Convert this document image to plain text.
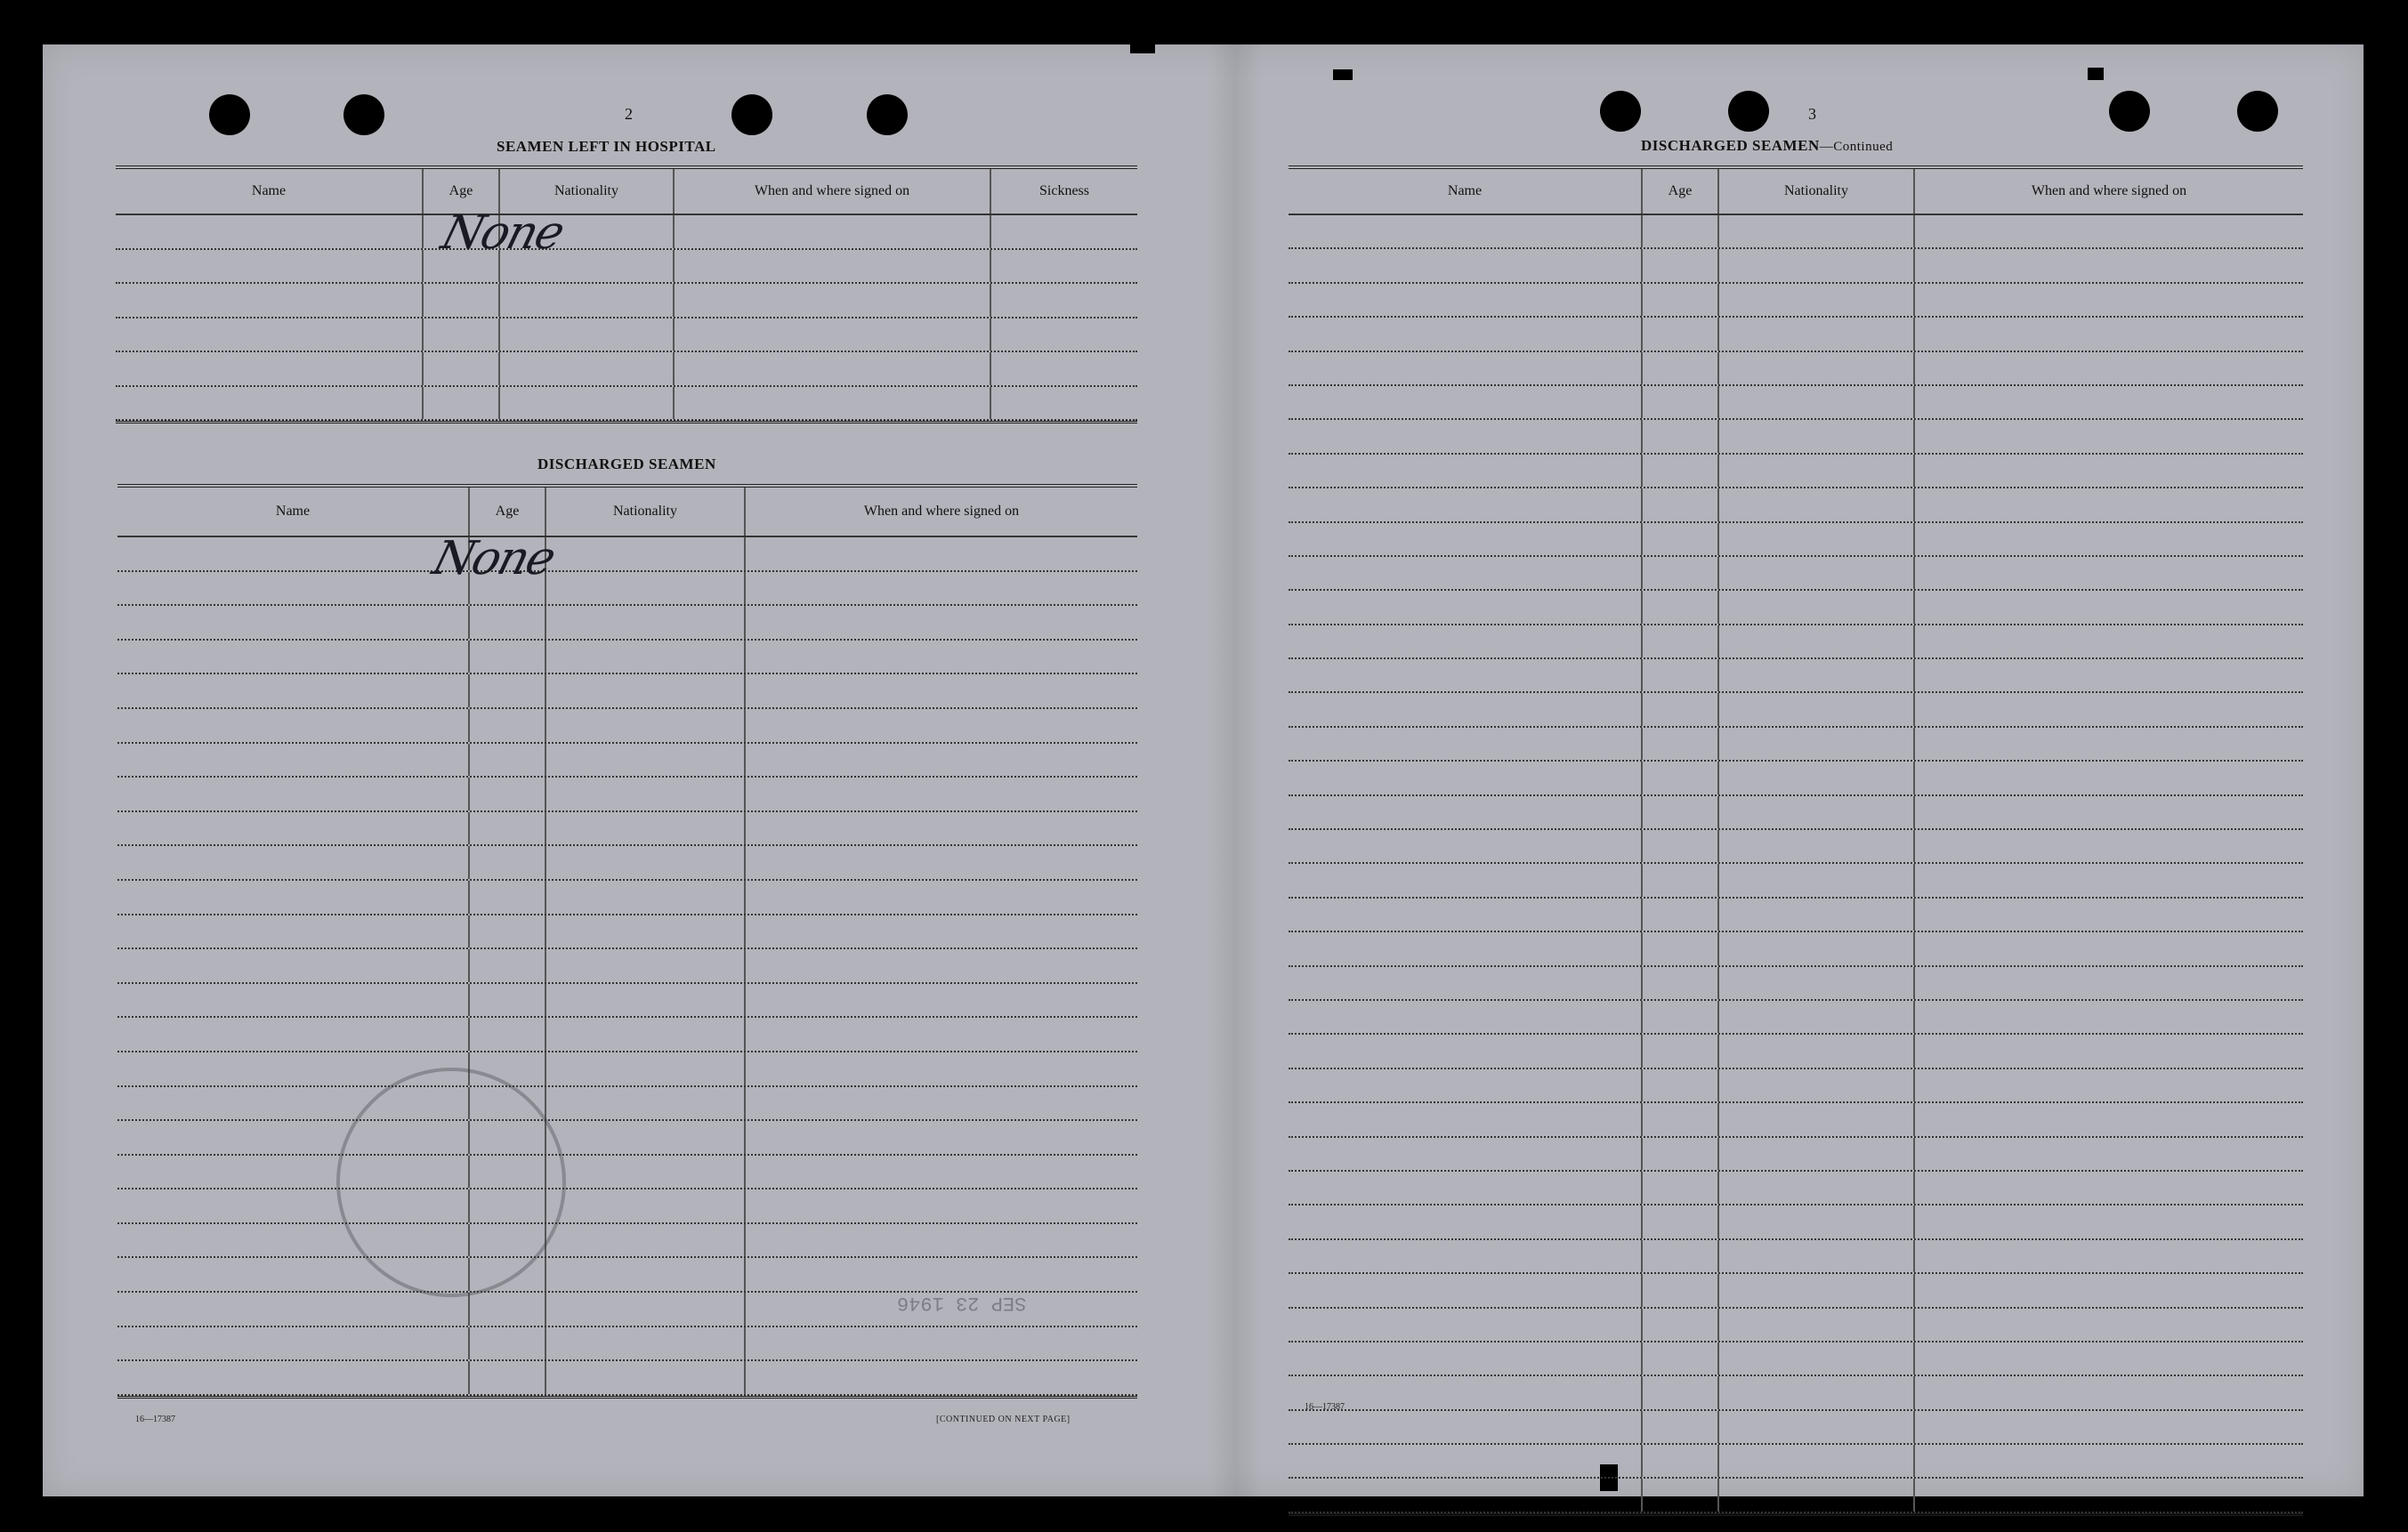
2
SEAMEN LEFT IN HOSPITAL
Name	Age	Nationality	When and where signed on	Sickness
None
DISCHARGED SEAMEN
Name	Age	Nationality	When and where signed on
None
SEP 23 1946
16—17387	[CONTINUED ON NEXT PAGE]
3
DISCHARGED SEAMEN—Continued
Name	Age	Nationality	When and where signed on
16—17387
